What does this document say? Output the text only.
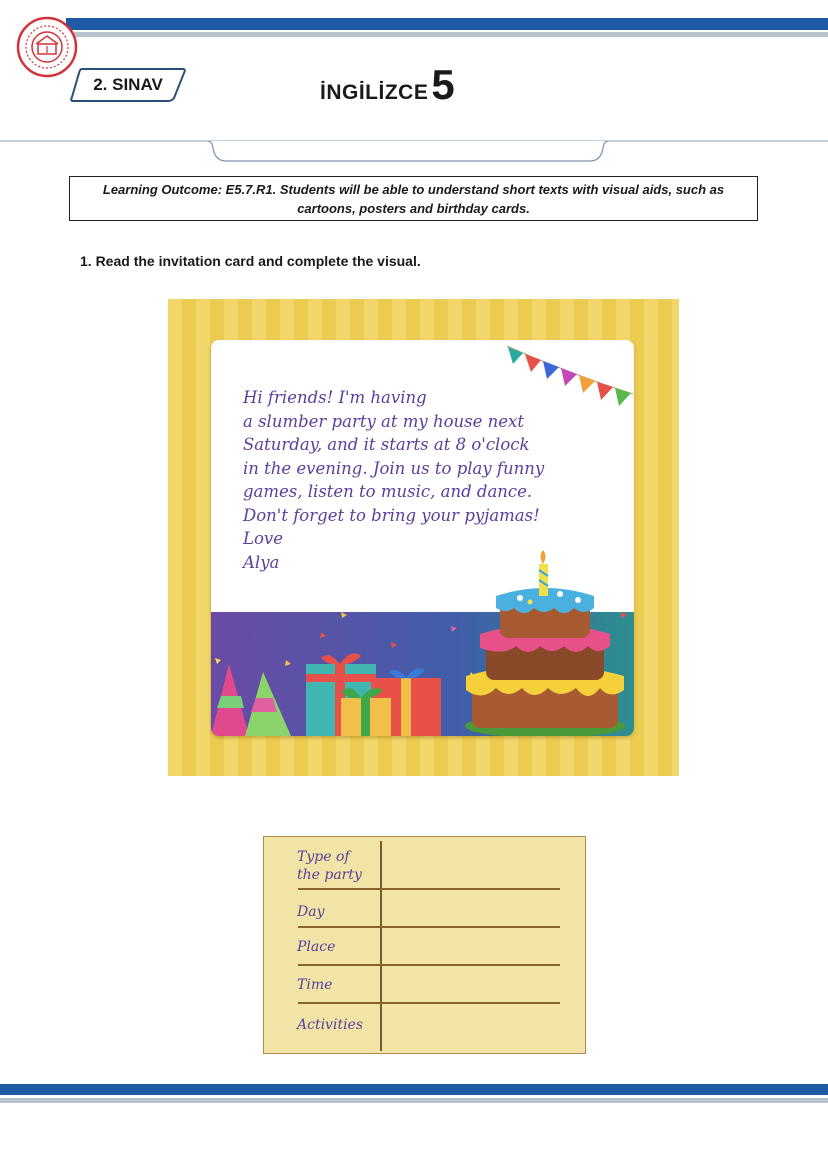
2. SINAV	İNGİLİZCE 5
Learning Outcome: E5.7.R1. Students will be able to understand short texts with visual aids, such as
cartoons, posters and birthday cards.
1. Read the invitation card and complete the visual.
Hi friends! I'm having
a slumber party at my house next
Saturday, and it starts at 8 o'clock
in the evening. Join us to play funny
games, listen to music, and dance.
Don't forget to bring your pyjamas!
Love
Alya
Type of
the party
Day
Place
Time
Activities
